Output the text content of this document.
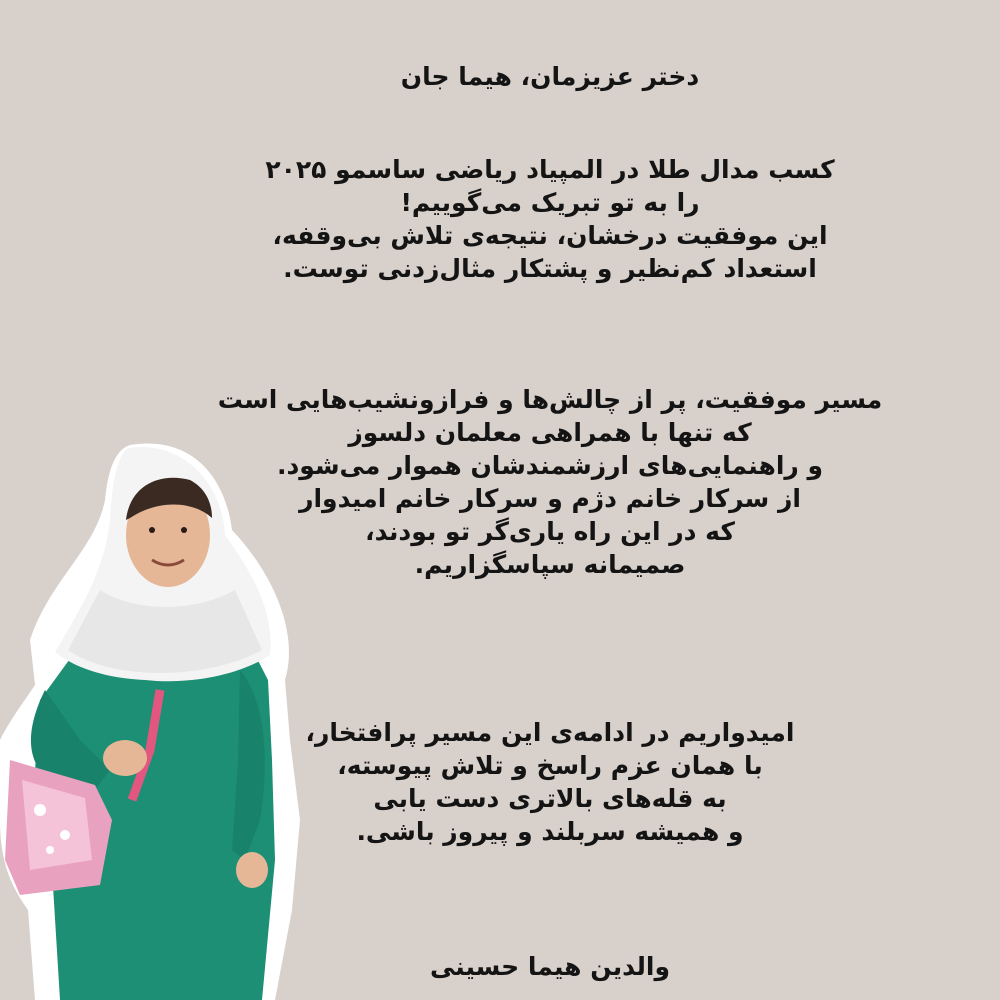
دختر عزیزمان، هیما جان
کسب مدال طلا در المپیاد ریاضی ساسمو ۲۰۲۵
را به تو تبریک می‌گوییم!
این موفقیت درخشان، نتیجه‌ی تلاش بی‌وقفه،
استعداد کم‌نظیر و پشتکار مثال‌زدنی توست.
مسیر موفقیت، پر از چالش‌ها و فرازونشیب‌هایی است
که تنها با همراهی معلمان دلسوز
و راهنمایی‌های ارزشمندشان هموار می‌شود.
از سرکار خانم دژم و سرکار خانم امیدوار
که در این راه یاری‌گر تو بودند،
صمیمانه سپاسگزاریم.
امیدواریم در ادامه‌ی این مسیر پرافتخار،
با همان عزم راسخ و تلاش پیوسته،
به قله‌های بالاتری دست یابی
و همیشه سربلند و پیروز باشی.
والدین هیما حسینی
